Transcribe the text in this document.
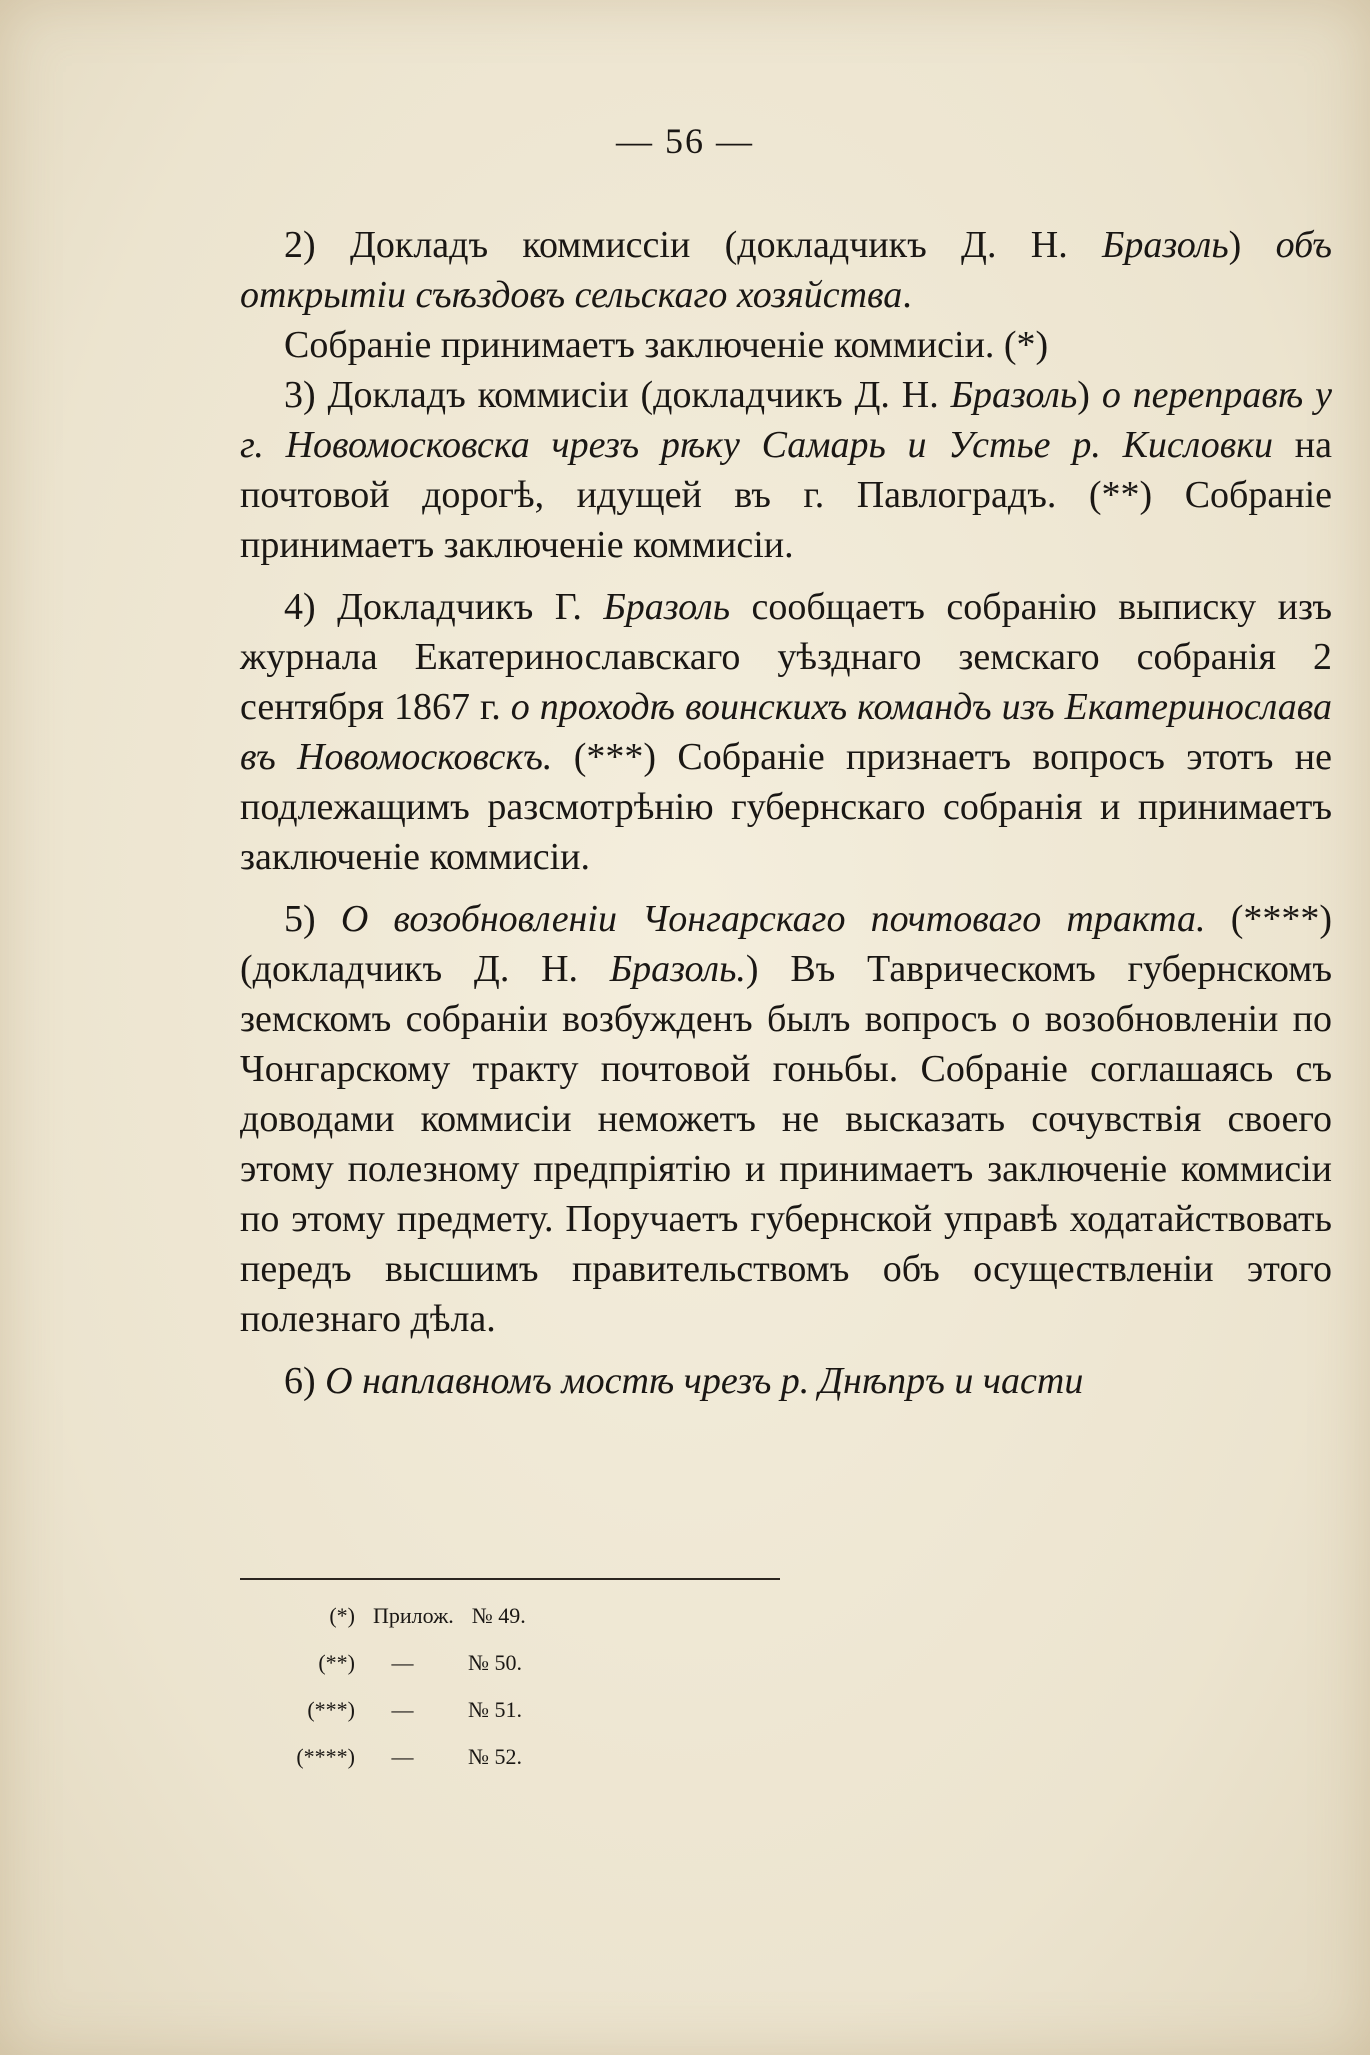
— 56 —

2) Докладъ коммиссіи (докладчикъ Д. Н. Бразоль) объ открытіи съѣздовъ сельскаго хозяйства.

Собраніе принимаетъ заключеніе коммисіи. (*)

3) Докладъ коммисіи (докладчикъ Д. Н. Бразоль) о переправѣ у г. Новомосковска чрезъ рѣку Самарь и Устье р. Кисловки на почтовой дорогѣ, идущей въ г. Павлоградъ. (**) Собраніе принимаетъ заключеніе коммисіи.

4) Докладчикъ Г. Бразоль сообщаетъ собранію выписку изъ журнала Екатеринославскаго уѣзднаго земскаго собранія 2 сентября 1867 г. о проходѣ воинскихъ командъ изъ Екатеринослава въ Новомосковскъ. (***) Собраніе признаетъ вопросъ этотъ не подлежащимъ разсмотрѣнію губернскаго собранія и принимаетъ заключеніе коммисіи.

5) О возобновленіи Чонгарскаго почтоваго тракта. (****) (докладчикъ Д. Н. Бразоль.) Въ Таврическомъ губернскомъ земскомъ собраніи возбужденъ былъ вопросъ о возобновленіи по Чонгарскому тракту почтовой гоньбы. Собраніе соглашаясь съ доводами коммисіи неможетъ не высказать сочувствія своего этому полезному предпріятію и принимаетъ заключеніе коммисіи по этому предмету. Поручаетъ губернской управѣ ходатайствовать передъ высшимъ правительствомъ объ осуществленіи этого полезнаго дѣла.

6) О наплавномъ мостѣ чрезъ р. Днѣпръ и части

(*) Прилож. № 49.
(**)	—	№ 50.
(***)	—	№ 51.
(****)	—	№ 52.
